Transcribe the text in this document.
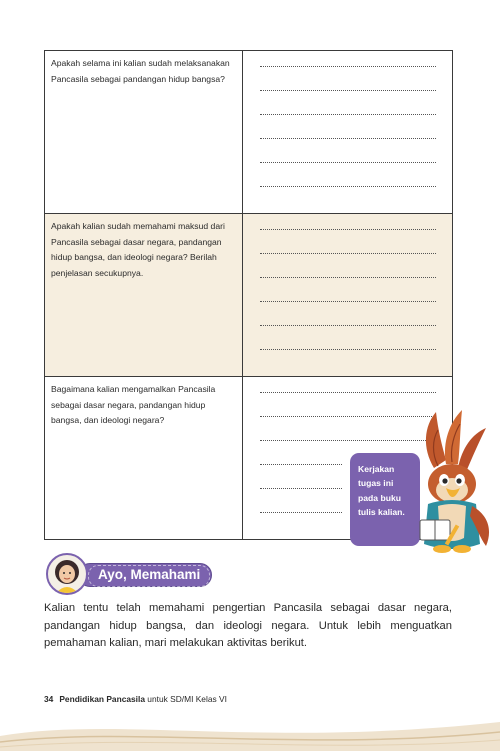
Apakah selama ini kalian sudah melaksanakan Pancasila sebagai pandangan hidup bangsa?
Apakah kalian sudah memahami maksud dari Pancasila sebagai dasar negara, pandangan hidup bangsa, dan ideologi negara? Berilah penjelasan secukupnya.
Bagaimana kalian mengamalkan Pancasila sebagai dasar negara, pandangan hidup bangsa, dan ideologi negara?
Kerjakan tugas ini pada buku tulis kalian.
Ayo, Memahami

Kalian tentu telah memahami pengertian Pancasila sebagai dasar negara, pandangan hidup bangsa, dan ideologi negara. Untuk lebih menguatkan pemahaman kalian, mari melakukan aktivitas berikut.

34 Pendidikan Pancasila untuk SD/MI Kelas VI
